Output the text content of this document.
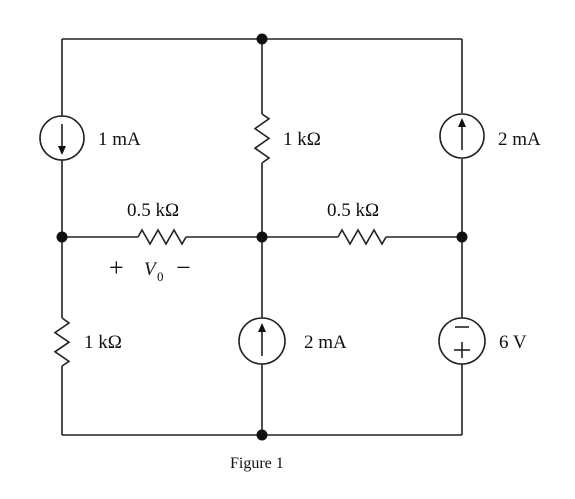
1 mA	1 kΩ	2 mA
0.5 kΩ	0.5 kΩ
1 kΩ	2 mA	6 V
+ V 0 −
Figure 1
